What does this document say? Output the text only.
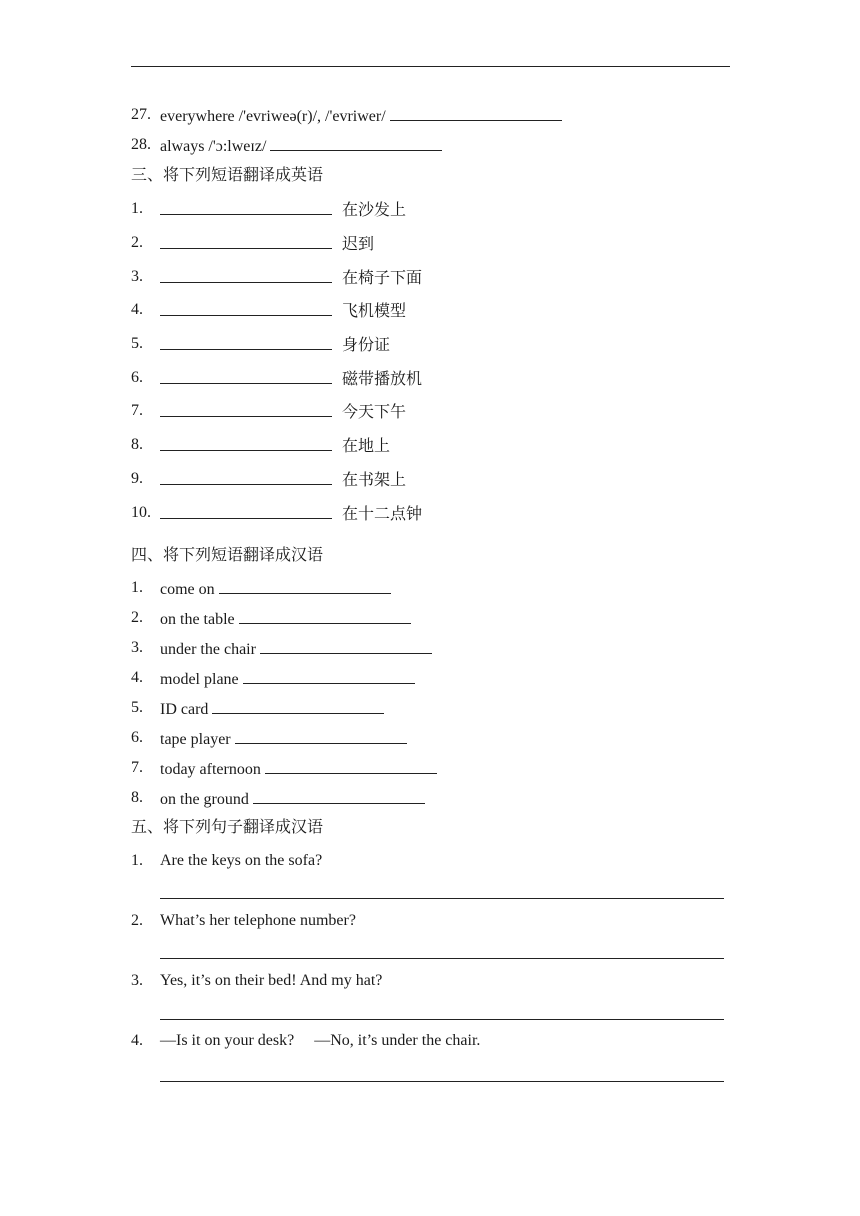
27. everywhere /'evriweə(r)/, /'evriwer/
28. always /'ɔ:lweɪz/
三、将下列短语翻译成英语
1.	在沙发上
2.	迟到
3.	在椅子下面
4.	飞机模型
5.	身份证
6.	磁带播放机
7.	今天下午
8.	在地上
9.	在书架上
10.	在十二点钟
四、将下列短语翻译成汉语
1. come on
2. on the table
3. under the chair
4. model plane
5. ID card
6. tape player
7. today afternoon
8. on the ground
五、将下列句子翻译成汉语
1. Are the keys on the sofa?
2. What’s her telephone number?
3. Yes, it’s on their bed! And my hat?
4. —Is it on your desk?     —No, it’s under the chair.
